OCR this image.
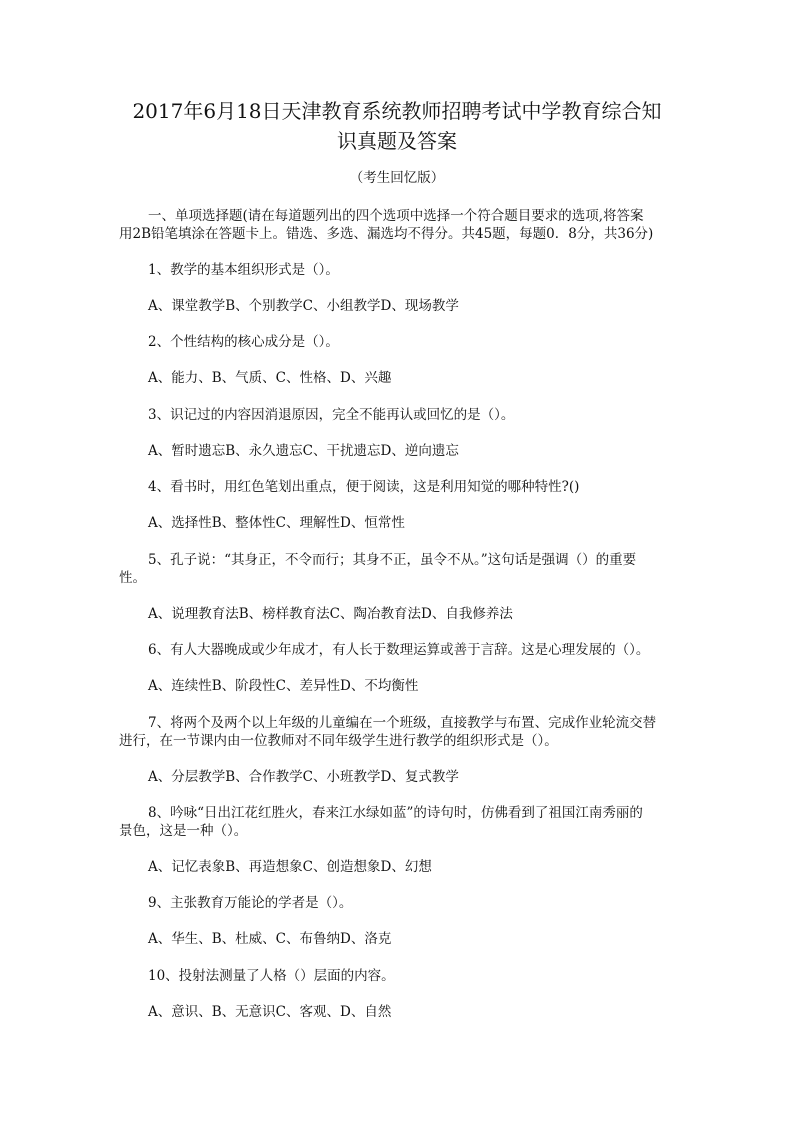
2017年6月18日天津教育系统教师招聘考试中学教育综合知
识真题及答案
（考生回忆版）
一、单项选择题(请在每道题列出的四个选项中选择一个符合题目要求的选项,将答案
用2B铅笔填涂在答题卡上。错选、多选、漏选均不得分。共45题，每题0．8分，共36分)
1、教学的基本组织形式是（）。
A、课堂教学B、个别教学C、小组教学D、现场教学
2、个性结构的核心成分是（）。
A、能力、B、气质、C、性格、D、兴趣
3、识记过的内容因消退原因，完全不能再认或回忆的是（）。
A、暂时遗忘B、永久遗忘C、干扰遗忘D、逆向遗忘
4、看书时，用红色笔划出重点，便于阅读，这是利用知觉的哪种特性?()
A、选择性B、整体性C、理解性D、恒常性
5、孔子说：“其身正，不令而行；其身不正，虽令不从。”这句话是强调（）的重要
性。
A、说理教育法B、榜样教育法C、陶冶教育法D、自我修养法
6、有人大器晚成或少年成才，有人长于数理运算或善于言辞。这是心理发展的（）。
A、连续性B、阶段性C、差异性D、不均衡性
7、将两个及两个以上年级的儿童编在一个班级，直接教学与布置、完成作业轮流交替
进行，在一节课内由一位教师对不同年级学生进行教学的组织形式是（）。
A、分层教学B、合作教学C、小班教学D、复式教学
8、吟咏“日出江花红胜火，春来江水绿如蓝”的诗句时，仿佛看到了祖国江南秀丽的
景色，这是一种（）。
A、记忆表象B、再造想象C、创造想象D、幻想
9、主张教育万能论的学者是（）。
A、华生、B、杜威、C、布鲁纳D、洛克
10、投射法测量了人格（）层面的内容。
A、意识、B、无意识C、客观、D、自然
